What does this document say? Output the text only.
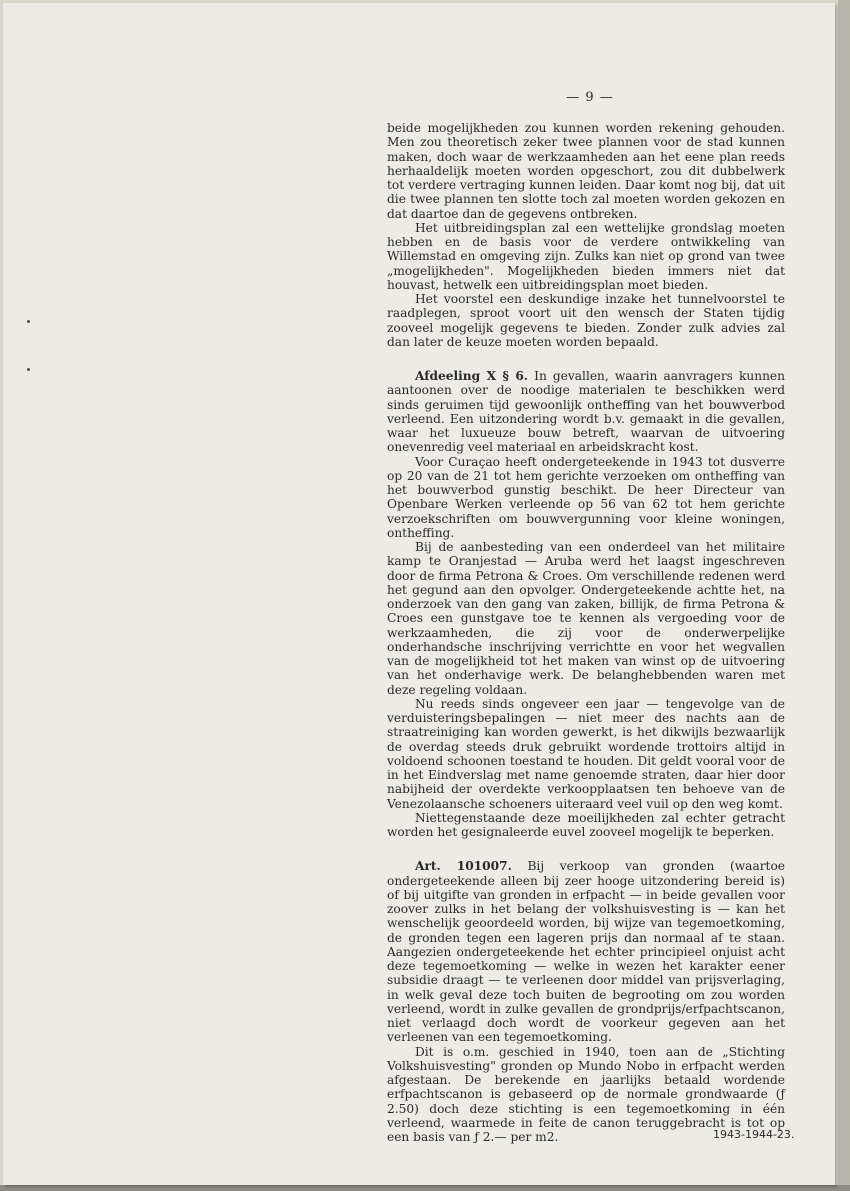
— 9 —

beide mogelijkheden zou kunnen worden rekening gehouden. Men zou theoretisch zeker twee plannen voor de stad kunnen maken, doch waar de werkzaamheden aan het eene plan reeds herhaaldelijk moeten worden opgeschort, zou dit dubbelwerk tot verdere vertraging kunnen leiden. Daar komt nog bij, dat uit die twee plannen ten slotte toch zal moeten worden gekozen en dat daartoe dan de gegevens ontbreken.

Het uitbreidingsplan zal een wettelijke grondslag moeten hebben en de basis voor de verdere ontwikkeling van Willemstad en omgeving zijn. Zulks kan niet op grond van twee „mogelijkheden". Mogelijkheden bieden immers niet dat houvast, hetwelk een uitbreidingsplan moet bieden.

Het voorstel een deskundige inzake het tunnelvoorstel te raadplegen, sproot voort uit den wensch der Staten tijdig zooveel mogelijk gegevens te bieden. Zonder zulk advies zal dan later de keuze moeten worden bepaald.

Afdeeling X § 6. In gevallen, waarin aanvragers kunnen aantoonen over de noodige materialen te beschikken werd sinds geruimen tijd gewoonlijk ontheffing van het bouwverbod verleend. Een uitzondering wordt b.v. gemaakt in die gevallen, waar het luxueuze bouw betreft, waarvan de uitvoering onevenredig veel materiaal en arbeidskracht kost.

Voor Curaçao heeft ondergeteekende in 1943 tot dusverre op 20 van de 21 tot hem gerichte verzoeken om ontheffing van het bouwverbod gunstig beschikt. De heer Directeur van Openbare Werken verleende op 56 van 62 tot hem gerichte verzoekschriften om bouwvergunning voor kleine woningen, ontheffing.

Bij de aanbesteding van een onderdeel van het militaire kamp te Oranjestad — Aruba werd het laagst ingeschreven door de firma Petrona & Croes. Om verschillende redenen werd het gegund aan den opvolger. Ondergeteekende achtte het, na onderzoek van den gang van zaken, billijk, de firma Petrona & Croes een gunstgave toe te kennen als vergoeding voor de werkzaamheden, die zij voor de onderwerpelijke onderhandsche inschrijving verrichtte en voor het wegvallen van de mogelijkheid tot het maken van winst op de uitvoering van het onderhavige werk. De belanghebbenden waren met deze regeling voldaan.

Nu reeds sinds ongeveer een jaar — tengevolge van de verduisteringsbepalingen — niet meer des nachts aan de straatreiniging kan worden gewerkt, is het dikwijls bezwaarlijk de overdag steeds druk gebruikt wordende trottoirs altijd in voldoend schoonen toestand te houden. Dit geldt vooral voor de in het Eindverslag met name genoemde straten, daar hier door nabijheid der overdekte verkoopplaatsen ten behoeve van de Venezolaansche schoeners uiteraard veel vuil op den weg komt.

Niettegenstaande deze moeilijkheden zal echter getracht worden het gesignaleerde euvel zooveel mogelijk te beperken.

Art. 101007. Bij verkoop van gronden (waartoe ondergeteekende alleen bij zeer hooge uitzondering bereid is) of bij uitgifte van gronden in erfpacht — in beide gevallen voor zoover zulks in het belang der volkshuisvesting is — kan het wenschelijk geoordeeld worden, bij wijze van tegemoetkoming, de gronden tegen een lageren prijs dan normaal af te staan. Aangezien ondergeteekende het echter principieel onjuist acht deze tegemoetkoming — welke in wezen het karakter eener subsidie draagt — te verleenen door middel van prijsverlaging, in welk geval deze toch buiten de begrooting om zou worden verleend, wordt in zulke gevallen de grondprijs/erfpachtscanon, niet verlaagd doch wordt de voorkeur gegeven aan het verleenen van een tegemoetkoming.

Dit is o.m. geschied in 1940, toen aan de „Stichting Volkshuisvesting" gronden op Mundo Nobo in erfpacht werden afgestaan. De berekende en jaarlijks betaald wordende erfpachtscanon is gebaseerd op de normale grondwaarde (ƒ 2.50) doch deze stichting is een tegemoetkoming in één verleend, waarmede in feite de canon teruggebracht is tot op een basis van ƒ 2.— per m2.	1943-1944-23.
